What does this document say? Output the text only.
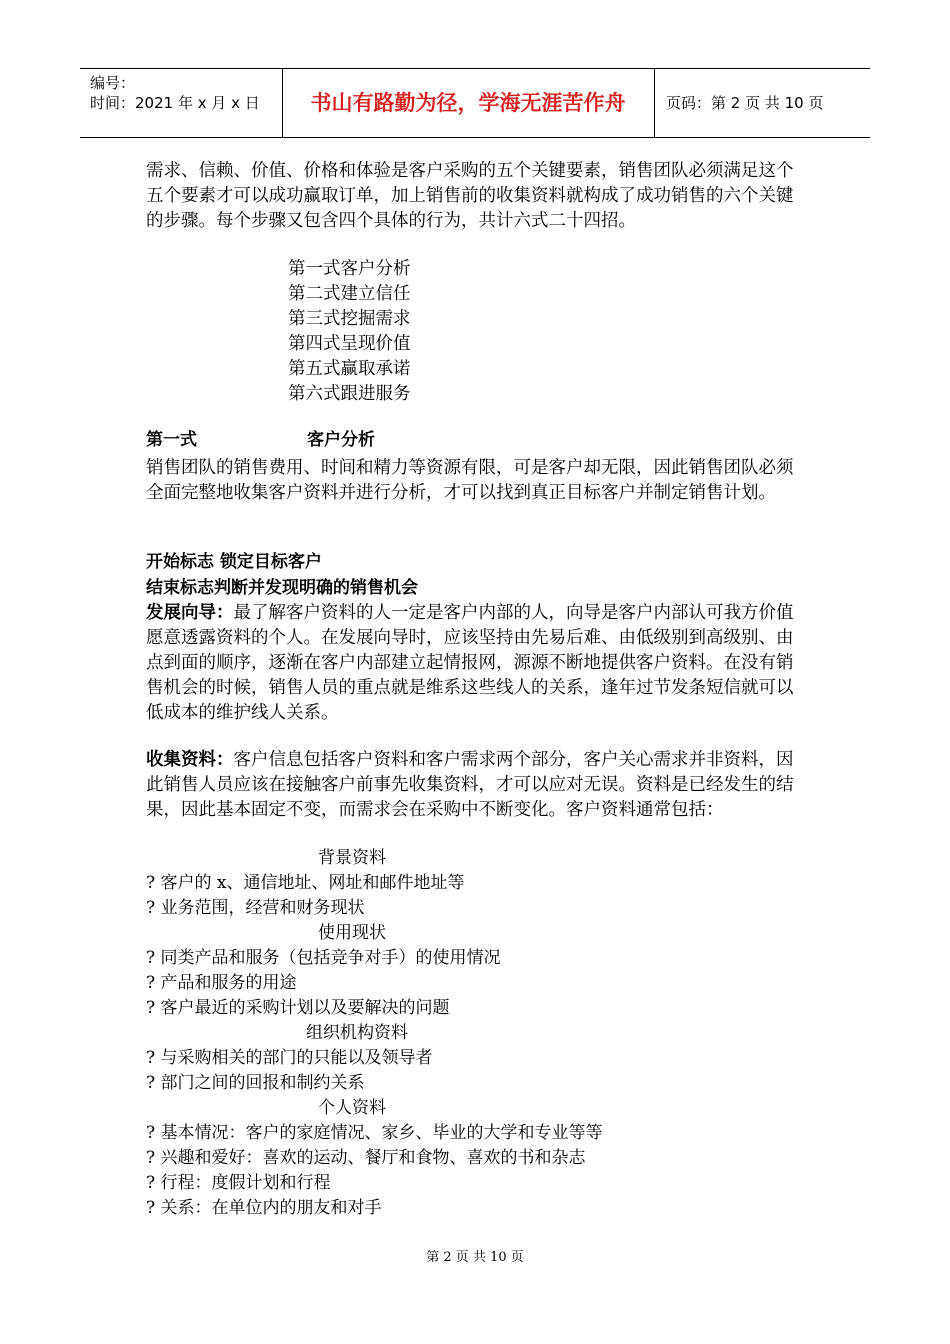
编号：
时间：2021 年 x 月 x 日	书山有路勤为径，学海无涯苦作舟	页码：第 2 页 共 10 页
需求、信赖、价值、价格和体验是客户采购的五个关键要素，销售团队必须满足这个五个要素才可以成功赢取订单，加上销售前的收集资料就构成了成功销售的六个关键的步骤。每个步骤又包含四个具体的行为，共计六式二十四招。
第一式客户分析
第二式建立信任
第三式挖掘需求
第四式呈现价值
第五式赢取承诺
第六式跟进服务
第一式	客户分析
销售团队的销售费用、时间和精力等资源有限，可是客户却无限，因此销售团队必须全面完整地收集客户资料并进行分析，才可以找到真正目标客户并制定销售计划。
开始标志 锁定目标客户
结束标志判断并发现明确的销售机会
发展向导：最了解客户资料的人一定是客户内部的人，向导是客户内部认可我方价值愿意透露资料的个人。在发展向导时，应该坚持由先易后难、由低级别到高级别、由点到面的顺序，逐渐在客户内部建立起情报网，源源不断地提供客户资料。在没有销售机会的时候，销售人员的重点就是维系这些线人的关系，逢年过节发条短信就可以低成本的维护线人关系。
收集资料：客户信息包括客户资料和客户需求两个部分，客户关心需求并非资料，因此销售人员应该在接触客户前事先收集资料，才可以应对无误。资料是已经发生的结果，因此基本固定不变，而需求会在采购中不断变化。客户资料通常包括：
背景资料
? 客户的 x、通信地址、网址和邮件地址等
? 业务范围，经营和财务现状
使用现状
? 同类产品和服务（包括竞争对手）的使用情况
? 产品和服务的用途
? 客户最近的采购计划以及要解决的问题
组织机构资料
? 与采购相关的部门的只能以及领导者
? 部门之间的回报和制约关系
个人资料
? 基本情况：客户的家庭情况、家乡、毕业的大学和专业等等
? 兴趣和爱好：喜欢的运动、餐厅和食物、喜欢的书和杂志
? 行程：度假计划和行程
? 关系：在单位内的朋友和对手
第 2 页 共 10 页
